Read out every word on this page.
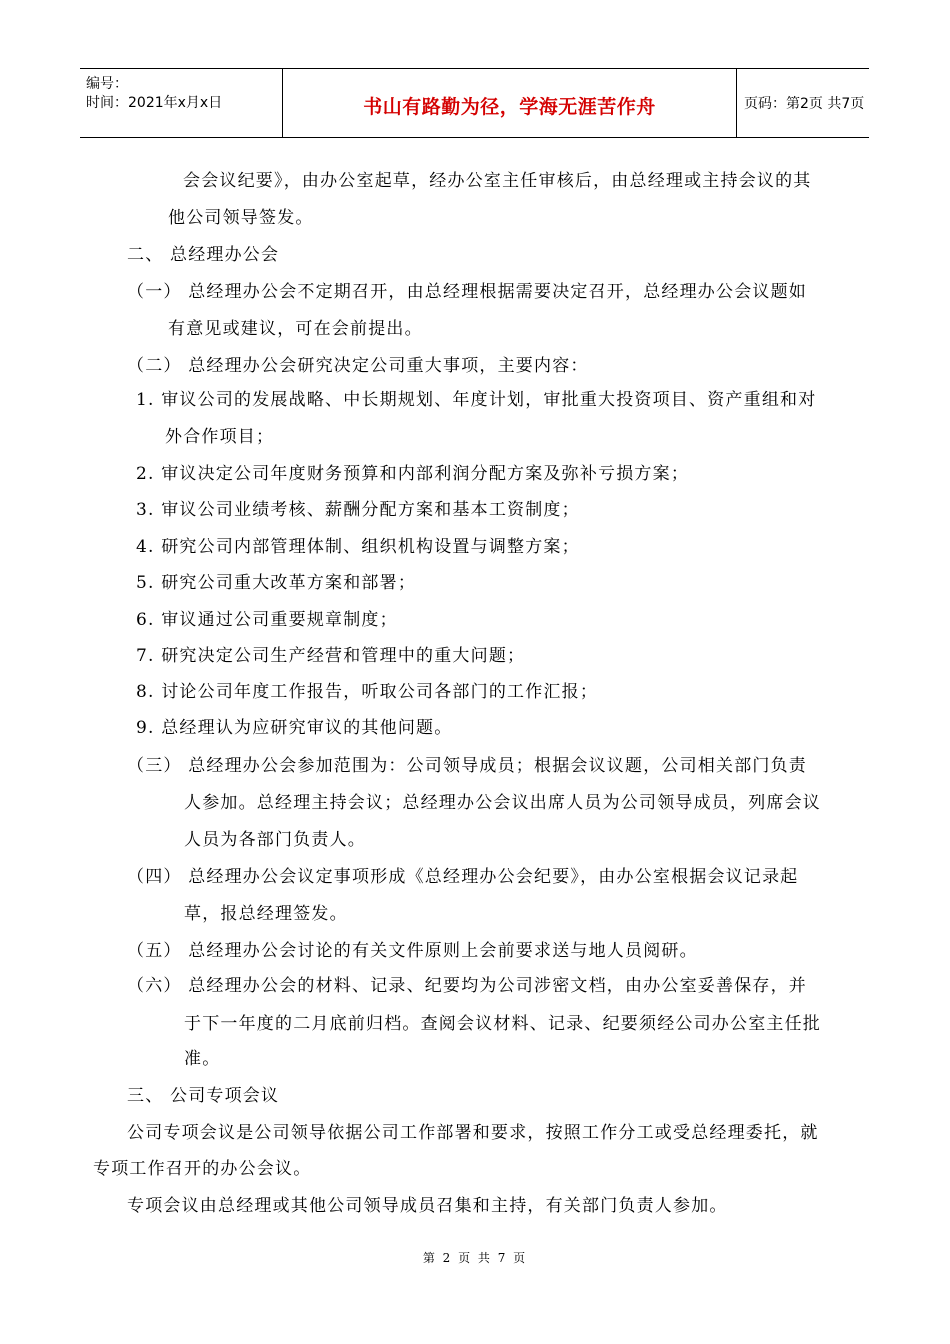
编号：
时间：2021年x月x日	书山有路勤为径，学海无涯苦作舟	页码：第2页 共7页
会会议纪要》，由办公室起草，经办公室主任审核后，由总经理或主持会议的其
他公司领导签发。
二、 总经理办公会
（一） 总经理办公会不定期召开，由总经理根据需要决定召开，总经理办公会议题如
有意见或建议，可在会前提出。
（二） 总经理办公会研究决定公司重大事项，主要内容：
1. 审议公司的发展战略、中长期规划、年度计划，审批重大投资项目、资产重组和对
外合作项目；
2. 审议决定公司年度财务预算和内部利润分配方案及弥补亏损方案；
3. 审议公司业绩考核、薪酬分配方案和基本工资制度；
4. 研究公司内部管理体制、组织机构设置与调整方案；
5. 研究公司重大改革方案和部署；
6. 审议通过公司重要规章制度；
7. 研究决定公司生产经营和管理中的重大问题；
8. 讨论公司年度工作报告，听取公司各部门的工作汇报；
9. 总经理认为应研究审议的其他问题。
（三） 总经理办公会参加范围为：公司领导成员；根据会议议题，公司相关部门负责
人参加。总经理主持会议；总经理办公会议出席人员为公司领导成员，列席会议
人员为各部门负责人。
（四） 总经理办公会议定事项形成《总经理办公会纪要》，由办公室根据会议记录起
草，报总经理签发。
（五） 总经理办公会讨论的有关文件原则上会前要求送与地人员阅研。
（六） 总经理办公会的材料、记录、纪要均为公司涉密文档，由办公室妥善保存，并
于下一年度的二月底前归档。查阅会议材料、记录、纪要须经公司办公室主任批
准。
三、 公司专项会议
公司专项会议是公司领导依据公司工作部署和要求，按照工作分工或受总经理委托，就
专项工作召开的办公会议。
专项会议由总经理或其他公司领导成员召集和主持，有关部门负责人参加。
第 2 页 共 7 页
